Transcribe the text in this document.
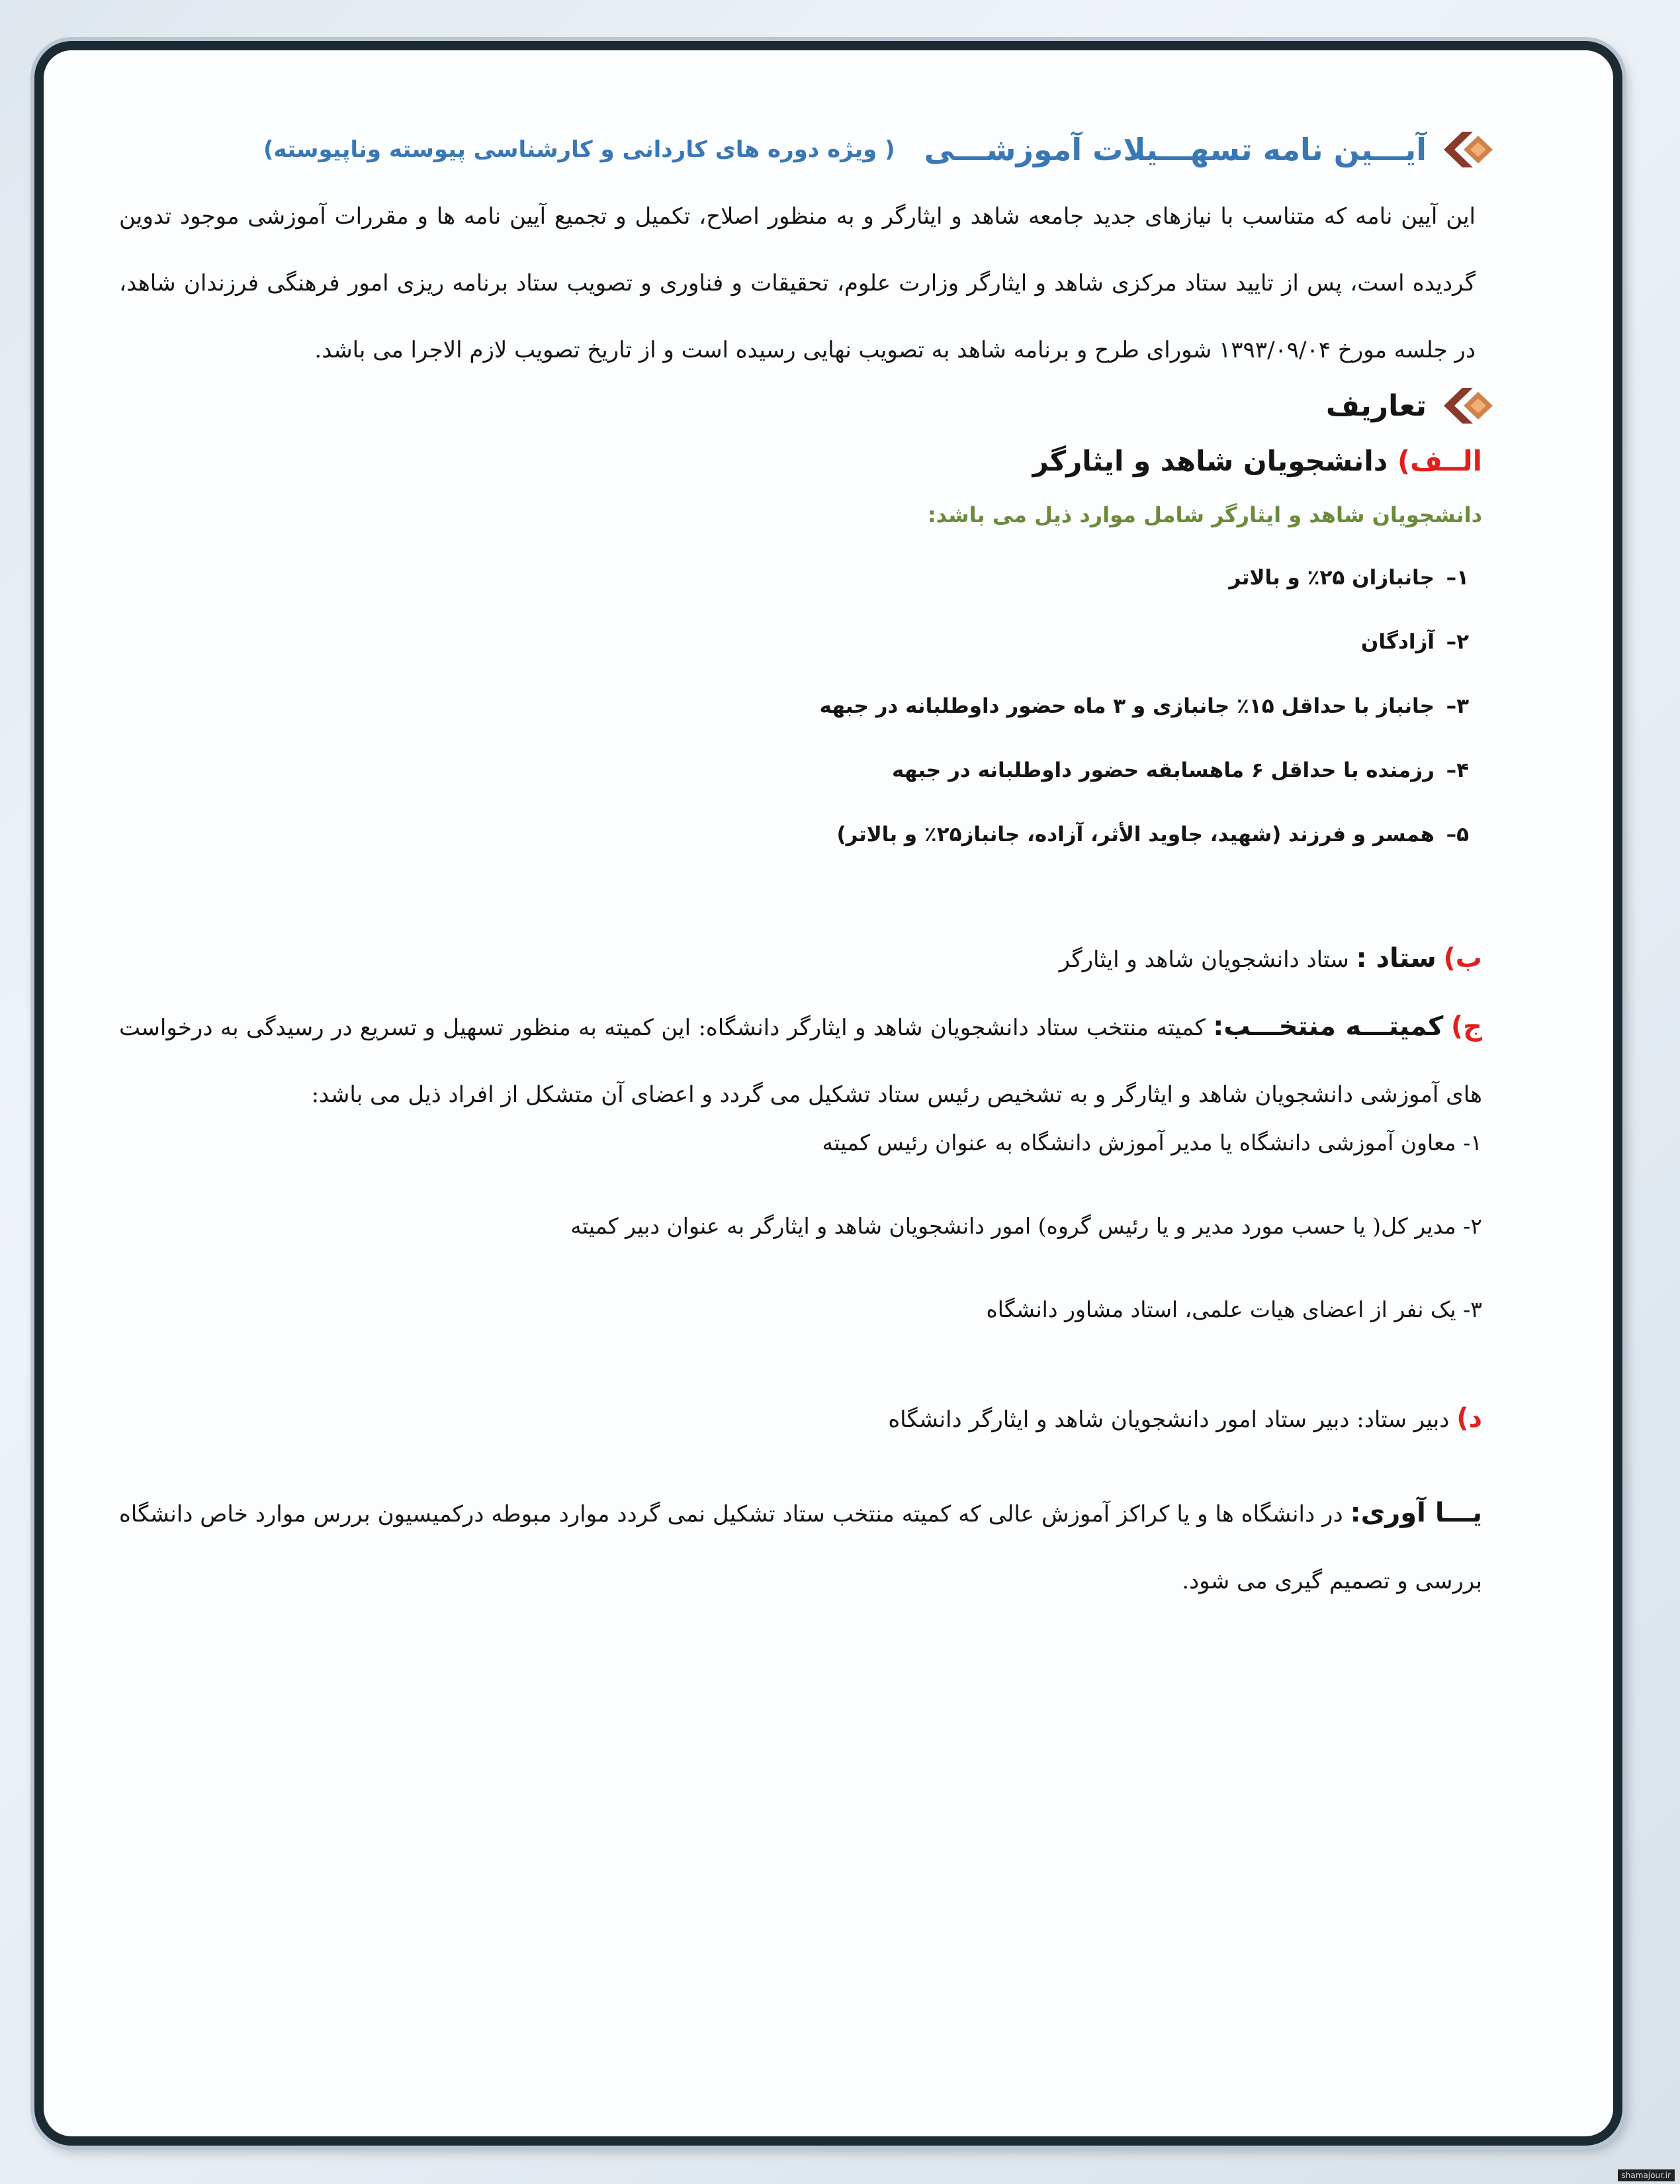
آیـــین نامه تسهـــیلات آموزشـــی
( ویژه دوره های کاردانی و کارشناسی پیوسته وناپیوسته)

این آیین نامه که متناسب با نیازهای جدید جامعه شاهد و ایثارگر و به منظور اصلاح، تکمیل و تجمیع آیین نامه ها و مقررات آموزشی موجود تدوین گردیده است، پس از تایید ستاد مرکزی شاهد و ایثارگر وزارت علوم، تحقیقات و فناوری و تصویب ستاد برنامه ریزی امور فرهنگی فرزندان شاهد، در جلسه مورخ ۱۳۹۳/۰۹/۰۴ شورای طرح و برنامه شاهد به تصویب نهایی رسیده است و از تاریخ تصویب لازم الاجرا می باشد.

تعاریف
الــف) دانشجویان شاهد و ایثارگر
دانشجویان شاهد و ایثارگر شامل موارد ذیل می باشد:
۱–جانبازان ۲۵٪ و بالاتر
۲–آزادگان
۳–جانباز با حداقل ۱۵٪ جانبازی و ۳ ماه حضور داوطلبانه در جبهه
۴–رزمنده با حداقل ۶ ماهسابقه حضور داوطلبانه در جبهه
۵–همسر و فرزند (شهید، جاوید الأثر، آزاده، جانباز۲۵٪ و بالاتر)
ب) ستاد : ستاد دانشجویان شاهد و ایثارگر

ج) کمیتـــه منتخـــب: کمیته منتخب ستاد دانشجویان شاهد و ایثارگر دانشگاه: این کمیته به منظور تسهیل و تسریع در رسیدگی به درخواست های آموزشی دانشجویان شاهد و ایثارگر و به تشخیص رئیس ستاد تشکیل می گردد و اعضای آن متشکل از افراد ذیل می باشد:

۱- معاون آموزشی دانشگاه یا مدیر آموزش دانشگاه به عنوان رئیس کمیته
۲- مدیر کل( یا حسب مورد مدیر و یا رئیس گروه) امور دانشجویان شاهد و ایثارگر به عنوان دبیر کمیته
۳- یک نفر از اعضای هیات علمی، استاد مشاور دانشگاه
د) دبیر ستاد: دبیر ستاد امور دانشجویان شاهد و ایثارگر دانشگاه

یـــا آوری: در دانشگاه ها و یا کراکز آموزش عالی که کمیته منتخب ستاد تشکیل نمی گردد موارد مبوطه درکمیسیون بررس موارد خاص دانشگاه بررسی و تصمیم گیری می شود.

shamajour.ir
